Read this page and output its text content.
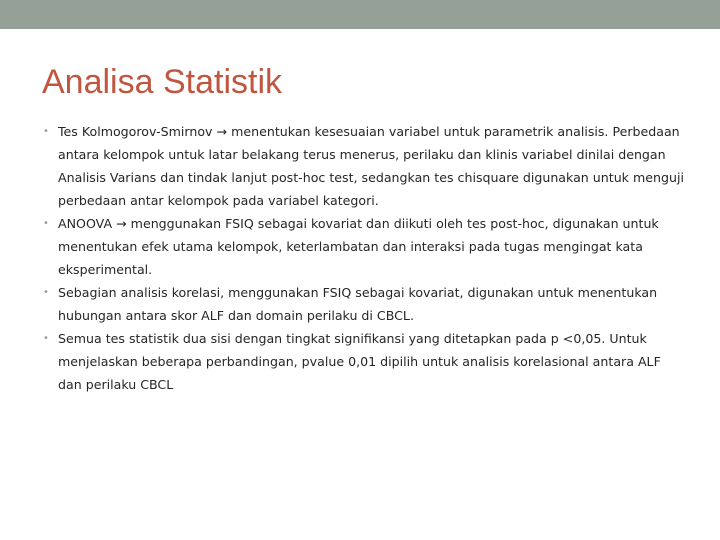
Analisa Statistik
• Tes Kolmogorov-Smirnov → menentukan kesesuaian variabel untuk parametrik analisis. Perbedaan antara kelompok untuk latar belakang terus menerus, perilaku dan klinis variabel dinilai dengan Analisis Varians dan tindak lanjut post-hoc test, sedangkan tes chisquare digunakan untuk menguji perbedaan antar kelompok pada variabel kategori.
• ANOOVA → menggunakan FSIQ sebagai kovariat dan diikuti oleh tes post-hoc, digunakan untuk menentukan efek utama kelompok, keterlambatan dan interaksi pada tugas mengingat kata eksperimental.
• Sebagian analisis korelasi, menggunakan FSIQ sebagai kovariat, digunakan untuk menentukan hubungan antara skor ALF dan domain perilaku di CBCL.
• Semua tes statistik dua sisi dengan tingkat signifikansi yang ditetapkan pada p <0,05. Untuk menjelaskan beberapa perbandingan, pvalue 0,01 dipilih untuk analisis korelasional antara ALF dan perilaku CBCL
